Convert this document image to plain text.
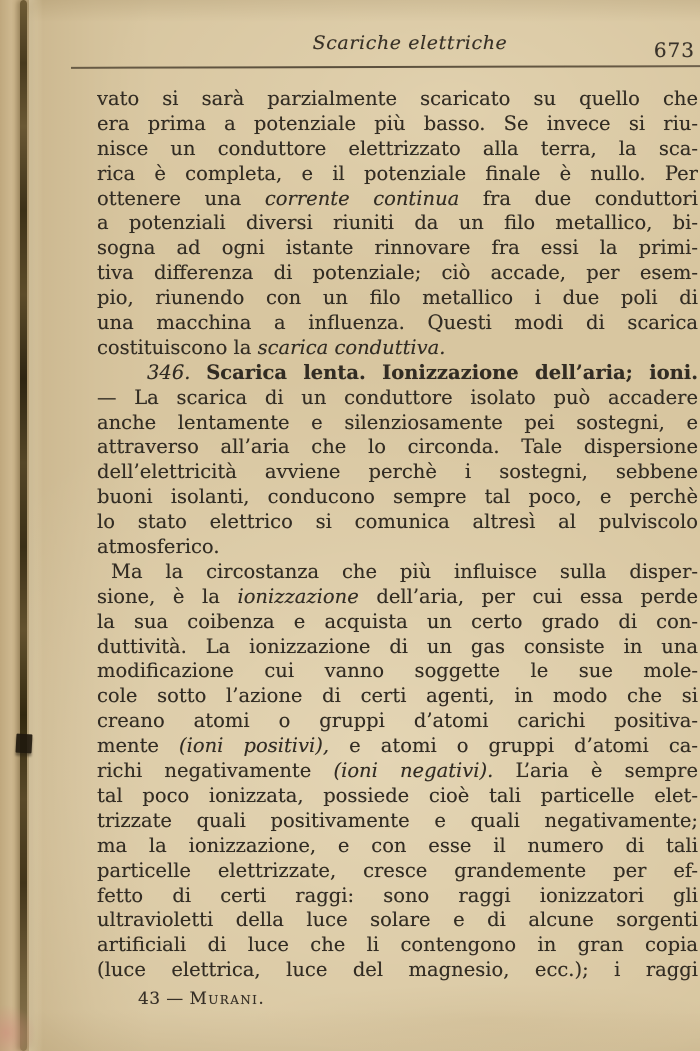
Scariche elettriche	673
vato si sarà parzialmente scaricato su quello che
era prima a potenziale più basso. Se invece si riu-
nisce un conduttore elettrizzato alla terra, la sca-
rica è completa, e il potenziale finale è nullo. Per
ottenere una corrente continua fra due conduttori
a potenziali diversi riuniti da un filo metallico, bi-
sogna ad ogni istante rinnovare fra essi la primi-
tiva differenza di potenziale; ciò accade, per esem-
pio, riunendo con un filo metallico i due poli di
una macchina a influenza. Questi modi di scarica
costituiscono la scarica conduttiva.
346. Scarica lenta. Ionizzazione dell’aria; ioni.
— La scarica di un conduttore isolato può accadere
anche lentamente e silenziosamente pei sostegni, e
attraverso all’aria che lo circonda. Tale dispersione
dell’elettricità avviene perchè i sostegni, sebbene
buoni isolanti, conducono sempre tal poco, e perchè
lo stato elettrico si comunica altresì al pulviscolo
atmosferico.
Ma la circostanza che più influisce sulla disper-
sione, è la ionizzazione dell’aria, per cui essa perde
la sua coibenza e acquista un certo grado di con-
duttività. La ionizzazione di un gas consiste in una
modificazione cui vanno soggette le sue mole-
cole sotto l’azione di certi agenti, in modo che si
creano atomi o gruppi d’atomi carichi positiva-
mente (ioni positivi), e atomi o gruppi d’atomi ca-
richi negativamente (ioni negativi). L’aria è sempre
tal poco ionizzata, possiede cioè tali particelle elet-
trizzate quali positivamente e quali negativamente;
ma la ionizzazione, e con esse il numero di tali
particelle elettrizzate, cresce grandemente per ef-
fetto di certi raggi: sono raggi ionizzatori gli
ultravioletti della luce solare e di alcune sorgenti
artificiali di luce che li contengono in gran copia
(luce elettrica, luce del magnesio, ecc.); i raggi
43 — Murani.
